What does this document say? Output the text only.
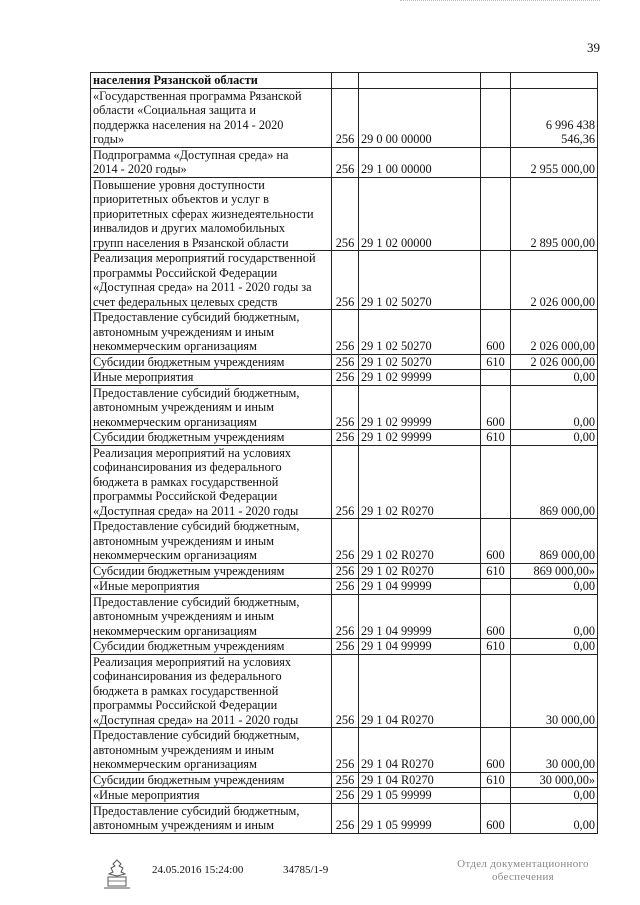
39
населения Рязанской области				

«Государственная программа Рязанской
области «Социальная защита и
поддержка населения на 2014 - 2020
годы»	256	29 0 00 00000		6 996 438 546,36

Подпрограмма «Доступная среда» на
2014 - 2020 годы»	256	29 1 00 00000		2 955 000,00

Повышение уровня доступности
приоритетных объектов и услуг в
приоритетных сферах жизнедеятельности
инвалидов и других маломобильных
групп населения в Рязанской области	256	29 1 02 00000		2 895 000,00

Реализация мероприятий государственной
программы Российской Федерации
«Доступная среда» на 2011 - 2020 годы за
счет федеральных целевых средств	256	29 1 02 50270		2 026 000,00

Предоставление субсидий бюджетным,
автономным учреждениям и иным
некоммерческим организациям	256	29 1 02 50270	600	2 026 000,00

Субсидии бюджетным учреждениям	256	29 1 02 50270	610	2 026 000,00

Иные мероприятия	256	29 1 02 99999		0,00

Предоставление субсидий бюджетным,
автономным учреждениям и иным
некоммерческим организациям	256	29 1 02 99999	600	0,00

Субсидии бюджетным учреждениям	256	29 1 02 99999	610	0,00

Реализация мероприятий на условиях
софинансирования из федерального
бюджета в рамках государственной
программы Российской Федерации
«Доступная среда» на 2011 - 2020 годы	256	29 1 02 R0270		869 000,00

Предоставление субсидий бюджетным,
автономным учреждениям и иным
некоммерческим организациям	256	29 1 02 R0270	600	869 000,00

Субсидии бюджетным учреждениям	256	29 1 02 R0270	610	869 000,00»

«Иные мероприятия	256	29 1 04 99999		0,00

Предоставление субсидий бюджетным,
автономным учреждениям и иным
некоммерческим организациям	256	29 1 04 99999	600	0,00

Субсидии бюджетным учреждениям	256	29 1 04 99999	610	0,00

Реализация мероприятий на условиях
софинансирования из федерального
бюджета в рамках государственной
программы Российской Федерации
«Доступная среда» на 2011 - 2020 годы	256	29 1 04 R0270		30 000,00

Предоставление субсидий бюджетным,
автономным учреждениям и иным
некоммерческим организациям	256	29 1 04 R0270	600	30 000,00

Субсидии бюджетным учреждениям	256	29 1 04 R0270	610	30 000,00»

«Иные мероприятия	256	29 1 05 99999		0,00

Предоставление субсидий бюджетным,
автономным учреждениям и иным	256	29 1 05 99999	600	0,00
24.05.2016 15:24:00	34785/1-9	Отдел документационного
обеспечения
